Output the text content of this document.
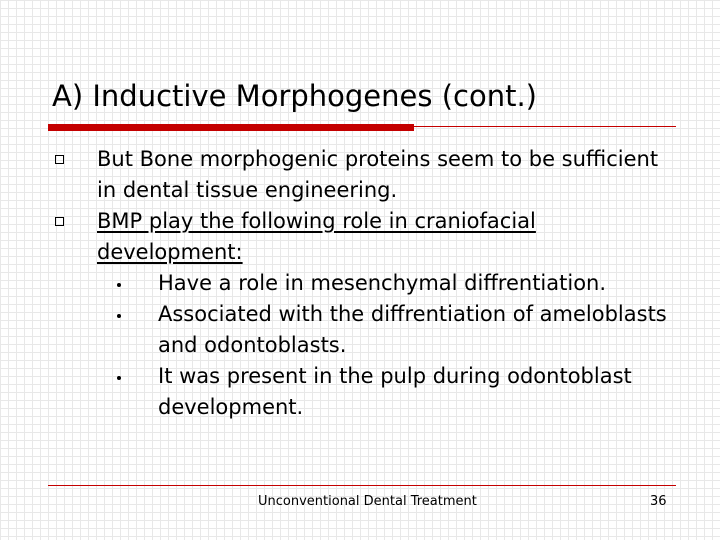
A) Inductive Morphogenes (cont.)
But Bone morphogenic proteins seem to be sufficient in dental tissue engineering.
BMP play the following role in craniofacial development:
Have a role in mesenchymal diffrentiation.
Associated with the diffrentiation of ameloblasts and odontoblasts.
It was present in the pulp during odontoblast development.
Unconventional Dental Treatment	36
